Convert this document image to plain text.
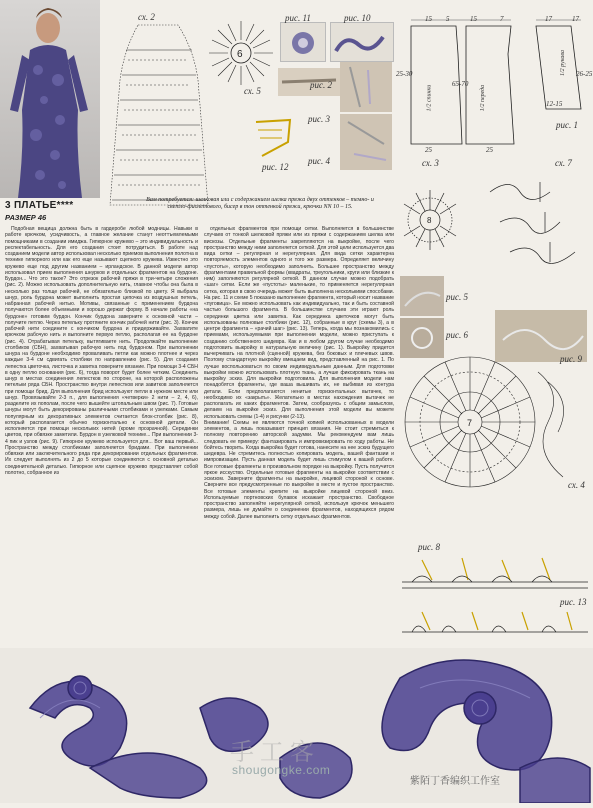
сх. 2
6
сх. 5
рис. 11	рис. 10
рис. 2
рис. 3
рис. 4
рис. 12
15 5	15	7	17	17
26-25
12-15
25-30
65-70
25	25
1/2 спинки	1/2 переда
1/2 рукава
рис. 1
3 ПЛАТЬЕ****
РАЗМЕР 46
Вам потребуется: шелковая или с содержанием шелка пряжа двух оттенков – темно- и светло-фиолетового, бисер в тон оттенкой пряжи, крючки NN 10 – 15.

Подобная вещица должна быть в гардеробе любой модницы. Навыки в работе крючком, усидчивость, а главное желание станут неоттъемлемыми помощниками в создании имиджа. Гипюрное кружево – это индивидуальность и респектабельность. Для его создания стоит потрудиться. В работе над созданием модели автор использовал несколько приемов выполнения полотна в технике гипюрного или как его еще называют сцепного кружева. Известно это кружево еще под другим названием – ирландское. В данной модели автор использовал прием выполнения шнурков и отдельных фрагментов на бурдоне. Бурдон... Что это такое? Это отрезок рабочей пряжи в три-четыре сложения (рис. 2). Можно использовать дополнительную нить, главное чтобы она была в несколько раз толще рабочей, не обязательно близкой по цвету. Я выбрала шнур, роль бурдона может выполнить простая цепочка из воздушных петель, набранная рабочей нитью. Мотивы, связанные с применением бурдона получаются более объемными и хорошо держат форму. В начале работы «на бурдоне» готовим бурдон. Кончик бурдона заверните к основной части – получите петлю. Через петельку протяните кончик рабочей нити (рис. 3). Кончик рабочей нити соедините с кончиком бурдона и придерживайте. Захватите крючком рабочую нить и выполните первую петлю, располагая ее на бурдоне (рис. 4). Отрабатывая петельку, вытягиваете нить. Продолжайте выполнение столбиков (СБН), захватывая рабочую нить под бурдоном. При выполнении шнура на бурдоне необходимо проваливать петли как можно плотнее и через каждые 3-4 см сдвигать столбики по направлению (рис. 5). Для создания лепестка цветочка, листочка и завитка поверните вязание. При помощи 3-4 СБН в одну петлю основания (рис. 6), тогда поворот будет более четким. Соединить шнур в местах соединения лепестков по стороне, на которой расположены петельки ряда СБН. Пространство внутри лепестков или завитков заполняется при помощи брид. Для выполнения брид используют петли в нужном месте или шнур. Провязывайте 2-3 п., для выполнения «четверки» 2 нити – 2, 4, 6), разделите их пополам, после чего вышейте штопальным швом (рис. 7). Готовые шнуры могут быть декорированы различными столбиками и узелками. Самым популярным из декоративных элементов считается блок-столбик (рис. 8), который располагается обычно горизонтально к основной детали. Он исполняется при помощи нескольких нитей (кроме прозрачной). Серединки цветов, при обвязке заметили. Бурдон в узелковой технике... При выполнении 3-4 пик и узлов (рис. 9). Гипюрное кружево используется для... Вот ваш первый... Пространство между столбиками заполняется бридами. При выполнении обвязки или заключительного ряда при декорировании отдельных фрагментов. Их следует выполнять из 2 до 5 которые соединяются с основной деталью соединительной деталью. Гипюрное или сцепное кружево представляет собой полотно, собранное из

отдельных фрагментов при помощи сетки. Выполняется в большинстве случаев от тонкой шелковой пряжи или из пряжи с содержанием шелка или вискозы. Отдельные фрагменты закрепляются на выкройке, после чего пространство между ними заполняется сеткой. Для этой цели используется два вида сетки – регулярная и нерегулярная. Для вида сетки характерна повторяемость элементов одного и того же размера. Определяет величину «пустоты», которую необходимо заполнить. Большее пространство между фрагментами правильной формы (квадраты, треугольники, круги или близкие к ним) заполняются регулярной сеткой. В данном случае можно подобрать «шаг» сетки. Если же «пустоты» маленькие, то применяется нерегулярная сетка, которая в свою очередь может быть выполнена несколькими способами. На рис. 11 и схеме 5 показано выполнение фрагмента, который носит название «пуговица». Ее можно использовать как индивидуально, так и быть составной частью большого фрагмента. В большинстве случаев эти играют роль серединки цветка или завитка. Как серединка цветочков могут быть использованы полновые столбики (рис. 12), собранные в круг (схемы 3), а в центре фрагмента – «рачий шаг» (рис. 13). Теперь, когда мы познакомились с приемами, используемыми при выполнении модели, можно приступать к созданию собственного шедевра. Как и в любом другом случае необходимо подготовить выкройку в натуральную величину (рис. 1). Выкройку придется вычерчивать на плотной (сценной) кружева, без боковых и плечевых швов. Поэтому стандартную выкройку вмещаем вид, представленный на рис. 1. По лучше воспользоваться по своим индивидуальным данным. Для подготовки выкройки можно использовать плотную ткань, а лучше фиксировать ткань на выкройку эскиз. Для выкройки подготовила. Для выполнения модели нам понадобятся фрагменты, где ваша вышивать их, не выбивая из контура детали. Если предполагаются ненитые горизонтальных вытачек, то необходимо их «закрыть». Желательно в местах нахождения вытачек не располагать их каких фрагментов. Затем, сообразуясь с общим замыслом, делаем на выкройке эскиз. Для выполнения этой модели вы можете использовать схемы (1-4) и рисунки (2-13).
Внимание! Схемы не являются точной копией использованных в модели элементов, а лишь показывают принцип вязания. Не стоит стремиться к полному повторению авторской задумки. Мы рекомендуем вам лишь следовать ее примеру: фантазировать и импровизировать по ходу работы. Не бойтесь творить. Когда выкройка будет готова, нанесите на нее эскиз будущего шедевра. Не стремитесь полностью копировать модель, вашей фантазии и импровизации. Пусть данная модель будет лишь стимулом к вашей работе. Все готовые фрагменты в произвольном порядке на выкройку. Пусть получится яркое исскуство. Отдельные готовые фрагменты на выкройке соответствии с эскизом. Заверните фрагменты на выкройке, лицевой стороной к основе. Сверните все предусмотренные по выкройке в месте и пустое пространство. Все готовые элементы крепите на выкройке лицевой стороной вниз. Используемые портновских булавок искажает пространство. Свободное пространство заполняйте нерегулярной сеткой, используя крючок меньшего размера, лишь не думайте о соединении фрагментов, находящихся рядом между собой. Далее выполнить сетку отдельных фрагментов.

8
сх. 3	сх. 7
рис. 5
рис. 6
рис. 9
7
сх. 4
рис. 8
рис. 13
手工客
shougongke.com
紫陌丁香编织工作室
